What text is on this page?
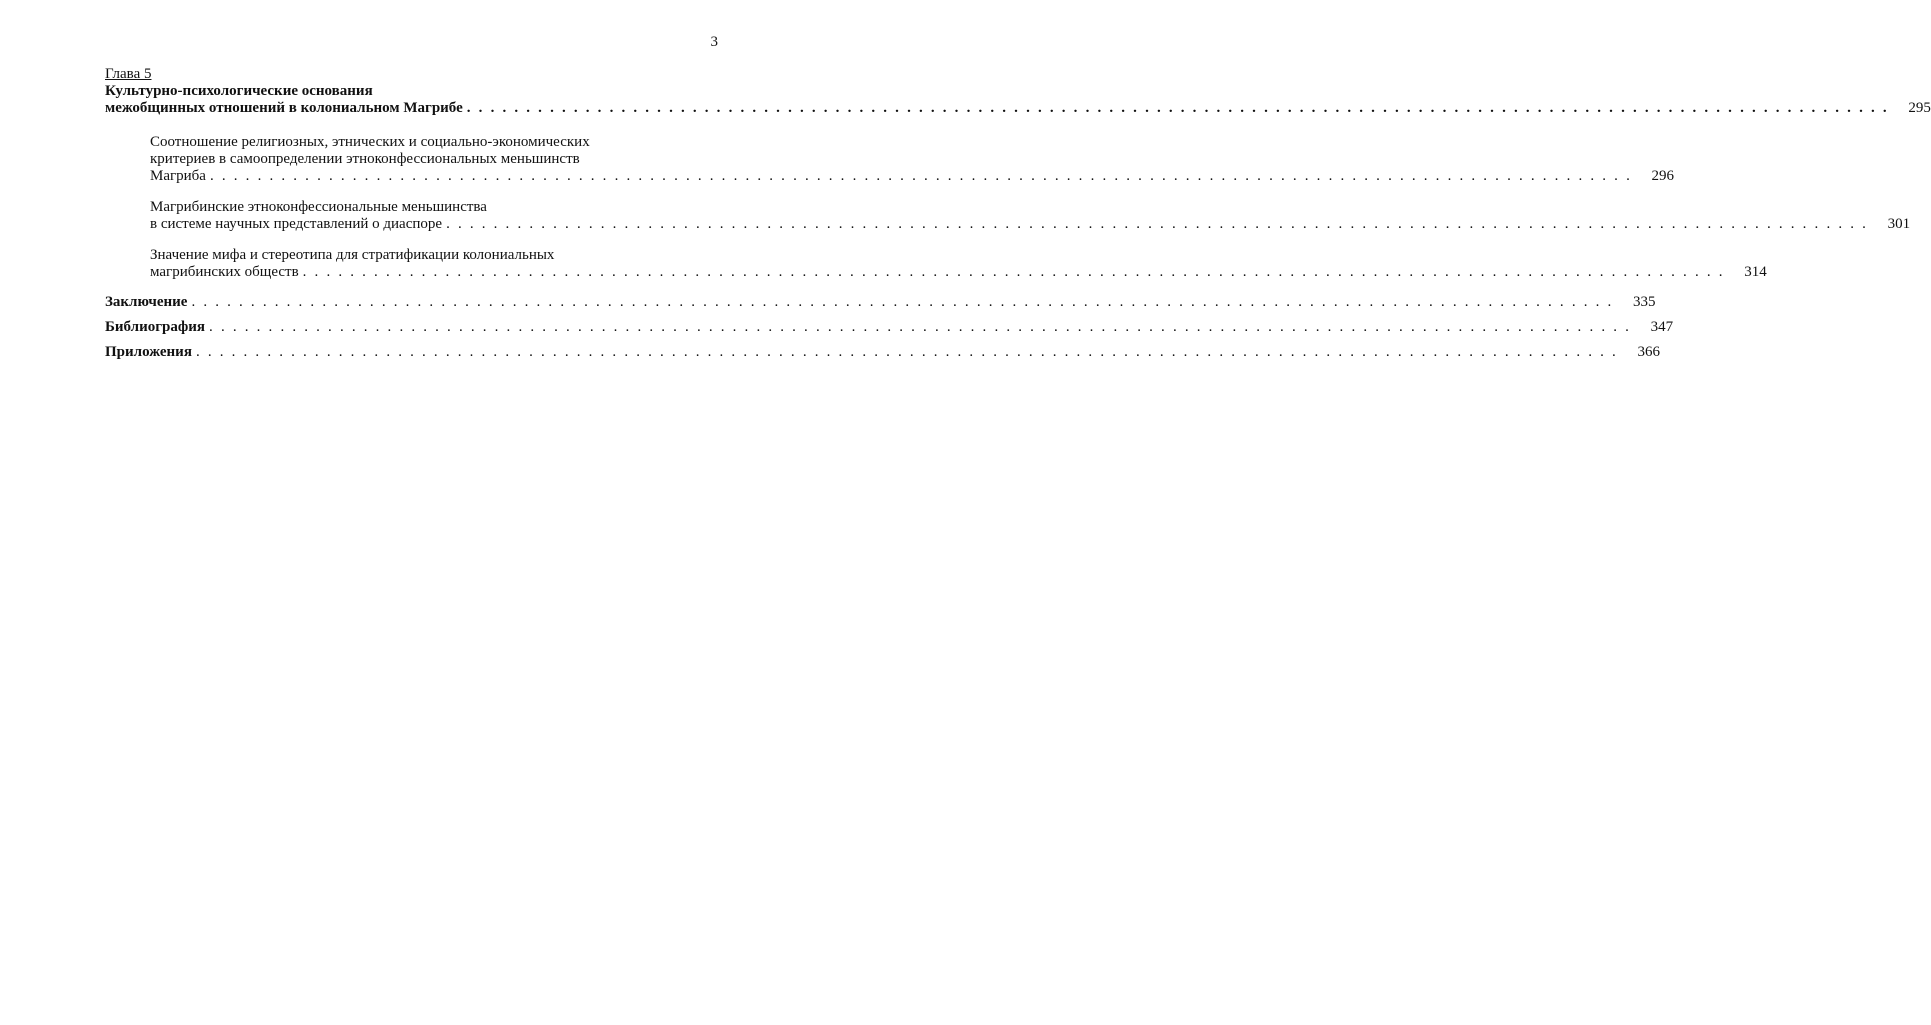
3
Глава 5
Культурно-психологические основания
межобщинных отношений в колониальном Магрибе . . . . . . . . . . . . . . . . . . . . . . . . . . . . . . . . . . . . . . . . . . . . . . . . . . . . . . . . . . . . . . . . . . . . . . . . . . . . . . . . . . . . . . . . . . . . . . . . . . . . . . . . . . . . . . . . . . . . . . . .	295
Соотношение религиозных, этнических и социально-экономических
критериев в самоопределении этноконфессиональных меньшинств
Магриба . . . . . . . . . . . . . . . . . . . . . . . . . . . . . . . . . . . . . . . . . . . . . . . . . . . . . . . . . . . . . . . . . . . . . . . . . . . . . . . . . . . . . . . . . . . . . . . . . . . . . . . . . . . . . . . . . . . . . . . .	296
Магрибинские этноконфессиональные меньшинства
в системе научных представлений о диаспоре . . . . . . . . . . . . . . . . . . . . . . . . . . . . . . . . . . . . . . . . . . . . . . . . . . . . . . . . . . . . . . . . . . . . . . . . . . . . . . . . . . . . . . . . . . . . . . . . . . . . . . . . . . . . . . . . . . . . . . . .	301
Значение мифа и стереотипа для стратификации колониальных
магрибинских обществ . . . . . . . . . . . . . . . . . . . . . . . . . . . . . . . . . . . . . . . . . . . . . . . . . . . . . . . . . . . . . . . . . . . . . . . . . . . . . . . . . . . . . . . . . . . . . . . . . . . . . . . . . . . . . . . . . . . . . . . .	314
Заключение . . . . . . . . . . . . . . . . . . . . . . . . . . . . . . . . . . . . . . . . . . . . . . . . . . . . . . . . . . . . . . . . . . . . . . . . . . . . . . . . . . . . . . . . . . . . . . . . . . . . . . . . . . . . . . . . . . . . . . . .	335
Библиография . . . . . . . . . . . . . . . . . . . . . . . . . . . . . . . . . . . . . . . . . . . . . . . . . . . . . . . . . . . . . . . . . . . . . . . . . . . . . . . . . . . . . . . . . . . . . . . . . . . . . . . . . . . . . . . . . . . . . . . .	347
Приложения . . . . . . . . . . . . . . . . . . . . . . . . . . . . . . . . . . . . . . . . . . . . . . . . . . . . . . . . . . . . . . . . . . . . . . . . . . . . . . . . . . . . . . . . . . . . . . . . . . . . . . . . . . . . . . . . . . . . . . . .	366
